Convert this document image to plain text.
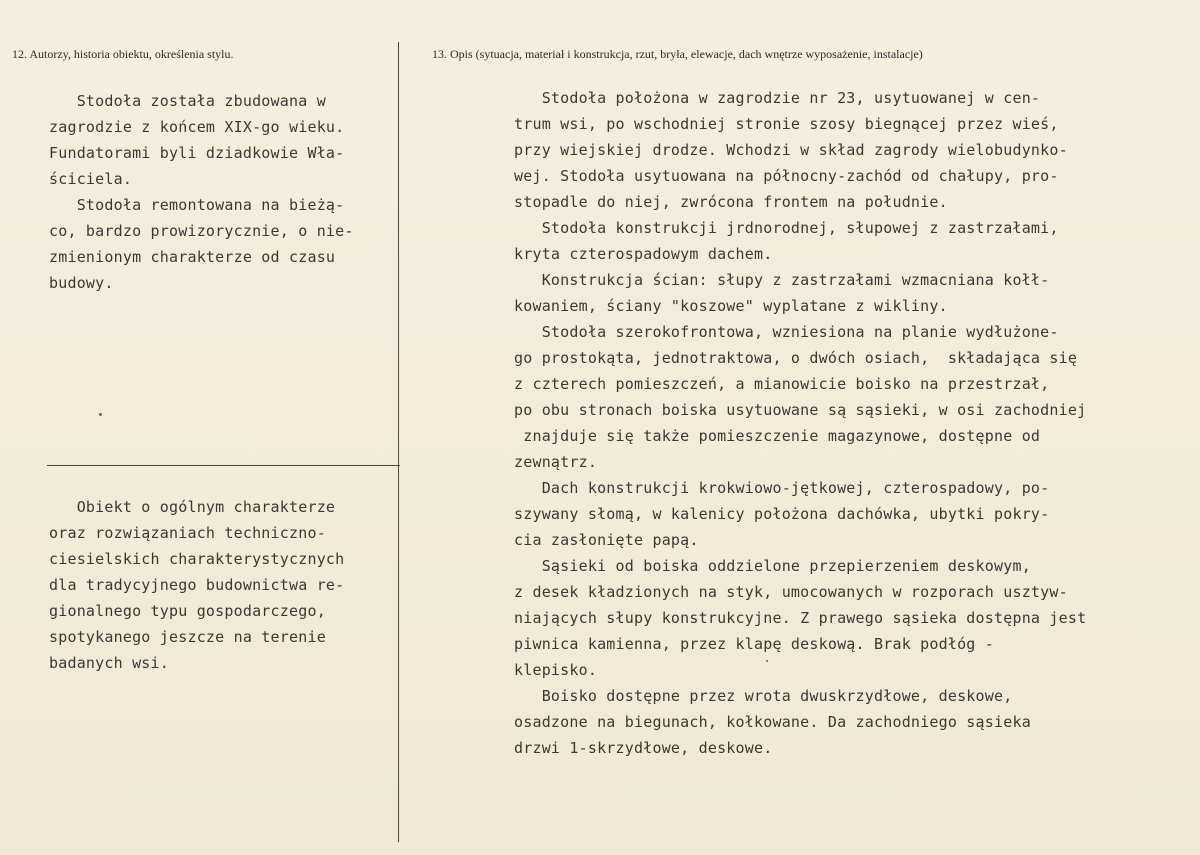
12. Autorzy, historia obiektu, określenia stylu.	13. Opis (sytuacja, materiał i konstrukcja, rzut, bryła, elewacje, dach wnętrze wyposażenie, instalacje)
Stodoła została zbudowana w
zagrodzie z końcem XIX-go wieku.
Fundatorami byli dziadkowie Wła-
ściciela.
Stodoła remontowana na bieżą-
co, bardzo prowizorycznie, o nie-
zmienionym charakterze od czasu
budowy.
Obiekt o ogólnym charakterze
oraz rozwiązaniach techniczno-
ciesielskich charakterystycznych
dla tradycyjnego budownictwa re-
gionalnego typu gospodarczego,
spotykanego jeszcze na terenie
badanych wsi.
Stodoła położona w zagrodzie nr 23, usytuowanej w cen-
trum wsi, po wschodniej stronie szosy biegnącej przez wieś,
przy wiejskiej drodze. Wchodzi w skład zagrody wielobudynko-
wej. Stodoła usytuowana na północny-zachód od chałupy, pro-
stopadle do niej, zwrócona frontem na południe.
Stodoła konstrukcji jrdnorodnej, słupowej z zastrzałami,
kryta czterospadowym dachem.
Konstrukcja ścian: słupy z zastrzałami wzmacniana kołł-
kowaniem, ściany "koszowe" wyplatane z wikliny.
Stodoła szerokofrontowa, wzniesiona na planie wydłużone-
go prostokąta, jednotraktowa, o dwóch osiach,  składająca się
z czterech pomieszczeń, a mianowicie boisko na przestrzał,
po obu stronach boiska usytuowane są sąsieki, w osi zachodniej
znajduje się także pomieszczenie magazynowe, dostępne od
zewnątrz.
Dach konstrukcji krokwiowo-jętkowej, czterospadowy, po-
szywany słomą, w kalenicy położona dachówka, ubytki pokry-
cia zasłonięte papą.
Sąsieki od boiska oddzielone przepierzeniem deskowym,
z desek kładzionych na styk, umocowanych w rozporach usztyw-
niających słupy konstrukcyjne. Z prawego sąsieka dostępna jest
piwnica kamienna, przez klapę deskową. Brak podłóg -
klepisko.
Boisko dostępne przez wrota dwuskrzydłowe, deskowe,
osadzone na biegunach, kołkowane. Da zachodniego sąsieka
drzwi 1-skrzydłowe, deskowe.
